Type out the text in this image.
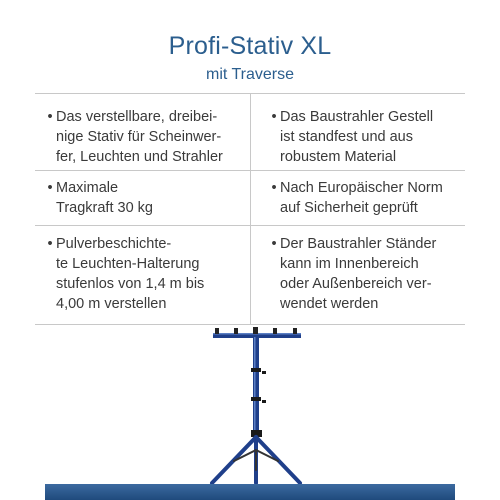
Profi-Stativ XL
mit Traverse
• Das verstellbare, dreibei-
nige Stativ für Scheinwer-
fer, Leuchten und Strahler
• Das Baustrahler Gestell
ist standfest und aus
robustem Material
• Maximale
Tragkraft 30 kg
• Nach Europäischer Norm
auf Sicherheit geprüft
• Pulverbeschichte-
te Leuchten-Halterung
stufenlos von 1,4 m bis
4,00 m verstellen
• Der Baustrahler Ständer
kann im Innenbereich
oder Außenbereich ver-
wendet werden
